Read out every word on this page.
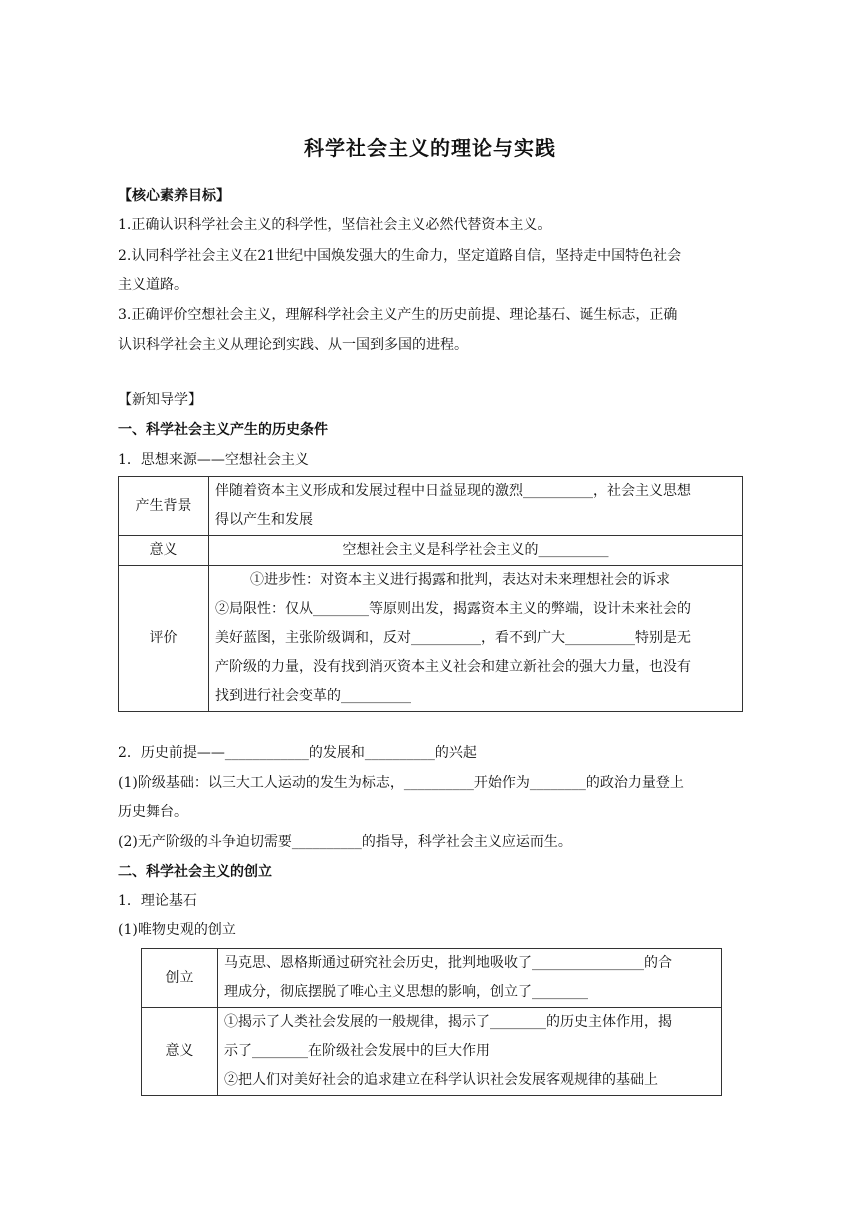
科学社会主义的理论与实践
【核心素养目标】
1.正确认识科学社会主义的科学性，坚信社会主义必然代替资本主义。
2.认同科学社会主义在21世纪中国焕发强大的生命力，坚定道路自信，坚持走中国特色社会
主义道路。
3.正确评价空想社会主义，理解科学社会主义产生的历史前提、理论基石、诞生标志，正确
认识科学社会主义从理论到实践、从一国到多国的进程。
【新知导学】
一、科学社会主义产生的历史条件
1．思想来源——空想社会主义
产生背景	伴随着资本主义形成和发展过程中日益显现的激烈__________，社会主义思想
得以产生和发展

意义	空想社会主义是科学社会主义的__________
评价	①进步性：对资本主义进行揭露和批判，表达对未来理想社会的诉求
②局限性：仅从________等原则出发，揭露资本主义的弊端，设计未来社会的
美好蓝图，主张阶级调和，反对__________，看不到广大__________特别是无
产阶级的力量，没有找到消灭资本主义社会和建立新社会的强大力量，也没有
找到进行社会变革的__________
2．历史前提——____________的发展和__________的兴起
(1)阶级基础：以三大工人运动的发生为标志，__________开始作为________的政治力量登上
历史舞台。
(2)无产阶级的斗争迫切需要__________的指导，科学社会主义应运而生。
二、科学社会主义的创立
1．理论基石
(1)唯物史观的创立
创立	马克思、恩格斯通过研究社会历史，批判地吸收了________________的合
理成分，彻底摆脱了唯心主义思想的影响，创立了________

意义	①揭示了人类社会发展的一般规律，揭示了________的历史主体作用，揭
示了________在阶级社会发展中的巨大作用
②把人们对美好社会的追求建立在科学认识社会发展客观规律的基础上
